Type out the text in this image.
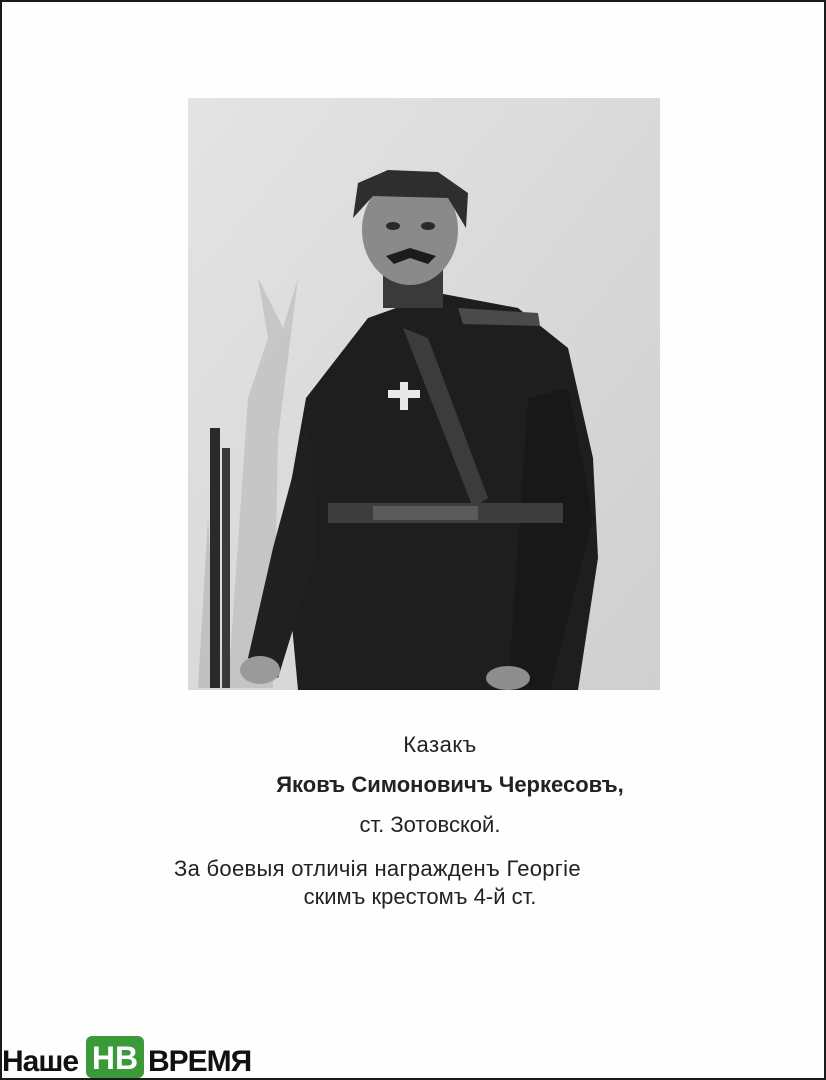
Казакъ
Яковъ Симоновичъ Черкесовъ,
ст. Зотовской.
За боевыя отличія награжденъ Георгіе
скимъ крестомъ 4-й ст.
Наше НВ ВРЕМЯ
